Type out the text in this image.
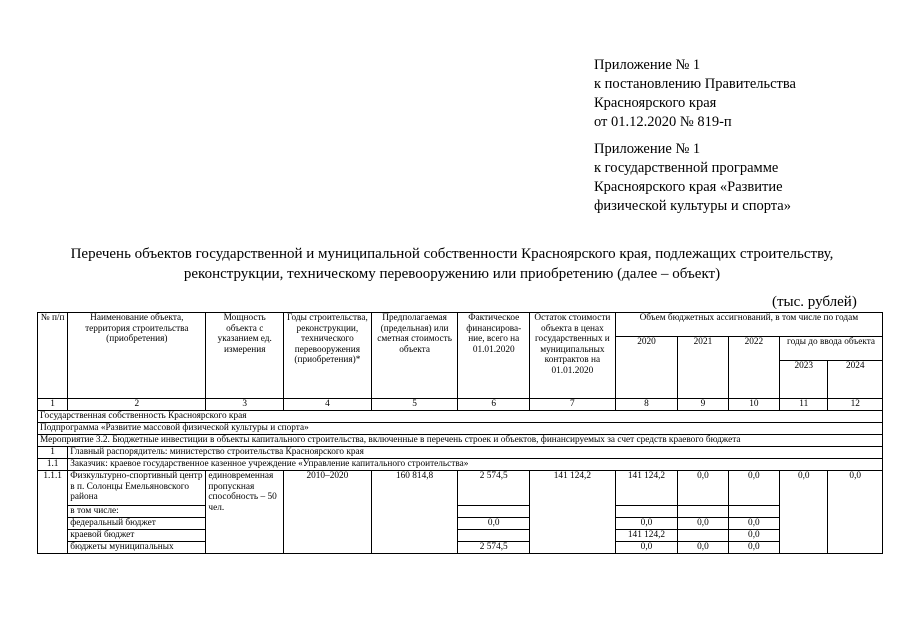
Приложение № 1
к постановлению Правительства
Красноярского края
от 01.12.2020 № 819-п
Приложение № 1
к государственной программе
Красноярского края «Развитие
физической культуры и спорта»
Перечень объектов государственной и муниципальной собственности Красноярского края, подлежащих строительству,
реконструкции, техническому перевооружению или приобретению (далее – объект)
(тыс. рублей)
№ п/п	Наименование объекта, территория строительства (приобретения)	Мощность объекта с указанием ед. измерения	Годы строительства, реконструкции, технического перевооружения (приобретения)*	Предполагаемая (предельная) или сметная стоимость объекта	Фактическое финансирова-ние, всего на 01.01.2020	Остаток стоимости объекта в ценах государственных и муниципальных контрактов на 01.01.2020	Объем бюджетных ассигнований, в том числе по годам				
							2020	2021	2022	годы до ввода объекта	
										2023	2024
1	2	3	4	5	6	7	8	9	10	11	12
Государственная собственность Красноярского края											
Подпрограмма «Развитие массовой физической культуры и спорта»											
Мероприятие 3.2. Бюджетные инвестиции в объекты капитального строительства, включенные в перечень строек и объектов, финансируемых за счет средств краевого бюджета											
1	Главный распорядитель: министерство строительства Красноярского края										
1.1	Заказчик: краевое государственное казенное учреждение «Управление капитального строительства»										
1.1.1	Физкультурно-спортивный центр в п. Солонцы Емельяновского района	единовременная пропускная способность – 50 чел.	2010–2020	160 814,8	2 574,5	141 124,2	141 124,2	0,0	0,0	0,0	0,0
	в том числе:										
	федеральный бюджет				0,0		0,0	0,0	0,0		
	краевой бюджет						141 124,2		0,0		
	бюджеты муниципальных				2 574,5		0,0	0,0	0,0		
